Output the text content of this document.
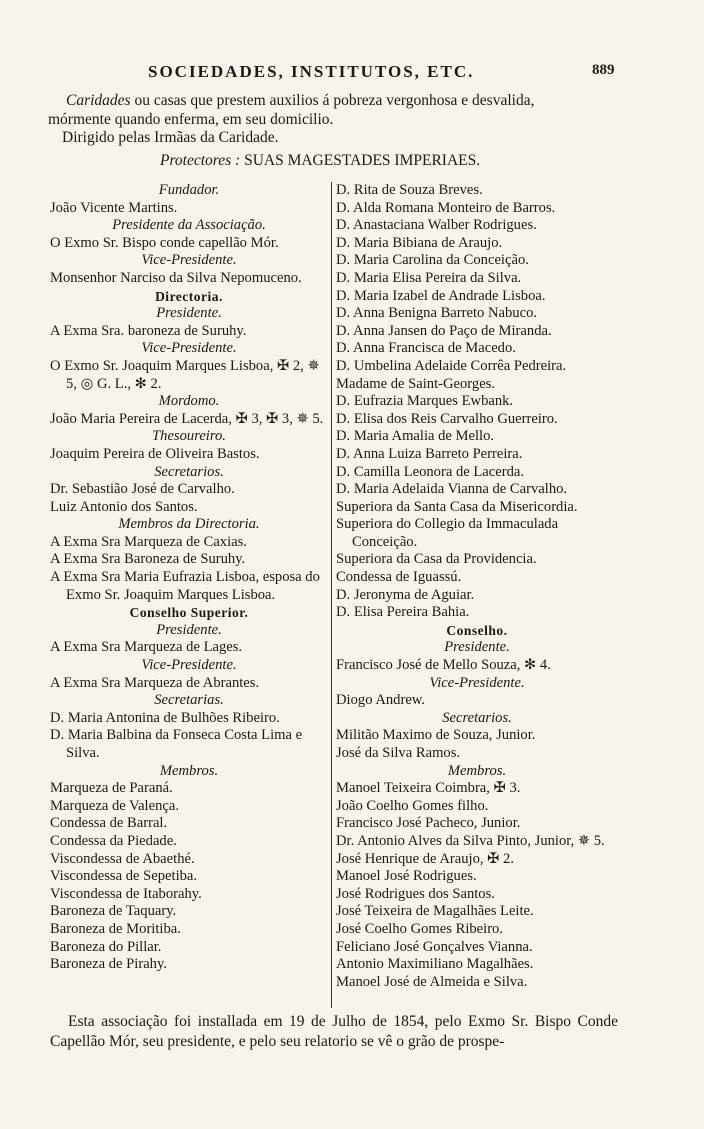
SOCIEDADES, INSTITUTOS, ETC.	889

Caridades ou casas que prestem auxilios á pobreza vergonhosa e desvalida,

mórmente quando enferma, em seu domicilio.

Dirigido pelas Irmãas da Caridade.

Protectores : SUAS MAGESTADES IMPERIAES.
Fundador.
João Vicente Martins.
Presidente da Associação.
O Exmo Sr. Bispo conde capellão Mór.
Vice-Presidente.
Monsenhor Narciso da Silva Nepomuceno.
Directoria.
Presidente.
A Exma Sra. baroneza de Suruhy.
Vice-Presidente.
O Exmo Sr. Joaquim Marques Lisboa, ✠ 2, ✵ 5, ◎ G. L., ✻ 2.
Mordomo.
João Maria Pereira de Lacerda, ✠ 3, ✠ 3, ✵ 5.
Thesoureiro.
Joaquim Pereira de Oliveira Bastos.
Secretarios.
Dr. Sebastião José de Carvalho.
Luiz Antonio dos Santos.
Membros da Directoria.
A Exma Sra Marqueza de Caxias.
A Exma Sra Baroneza de Suruhy.
A Exma Sra Maria Eufrazia Lisboa, esposa do Exmo Sr. Joaquim Marques Lisboa.
Conselho Superior.
Presidente.
A Exma Sra Marqueza de Lages.
Vice-Presidente.
A Exma Sra Marqueza de Abrantes.
Secretarias.
D. Maria Antonina de Bulhões Ribeiro.
D. Maria Balbina da Fonseca Costa Lima e Silva.
Membros.
Marqueza de Paraná.
Marqueza de Valença.
Condessa de Barral.
Condessa da Piedade.
Viscondessa de Abaethé.
Viscondessa de Sepetiba.
Viscondessa de Itaborahy.
Baroneza de Taquary.
Baroneza de Moritiba.
Baroneza do Pillar.
Baroneza de Pirahy.
D. Rita de Souza Breves.
D. Alda Romana Monteiro de Barros.
D. Anastaciana Walber Rodrigues.
D. Maria Bibiana de Araujo.
D. Maria Carolina da Conceição.
D. Maria Elisa Pereira da Silva.
D. Maria Izabel de Andrade Lisboa.
D. Anna Benigna Barreto Nabuco.
D. Anna Jansen do Paço de Miranda.
D. Anna Francisca de Macedo.
D. Umbelina Adelaide Corrêa Pedreira.
Madame de Saint-Georges.
D. Eufrazia Marques Ewbank.
D. Elisa dos Reis Carvalho Guerreiro.
D. Maria Amalia de Mello.
D. Anna Luiza Barreto Perreira.
D. Camilla Leonora de Lacerda.
D. Maria Adelaida Vianna de Carvalho.
Superiora da Santa Casa da Misericordia.
Superiora do Collegio da Immaculada Conceição.
Superiora da Casa da Providencia.
Condessa de Iguassú.
D. Jeronyma de Aguiar.
D. Elisa Pereira Bahia.
Conselho.
Presidente.
Francisco José de Mello Souza, ✻ 4.
Vice-Presidente.
Diogo Andrew.
Secretarios.
Militão Maximo de Souza, Junior.
José da Silva Ramos.
Membros.
Manoel Teixeira Coimbra, ✠ 3.
João Coelho Gomes filho.
Francisco José Pacheco, Junior.
Dr. Antonio Alves da Silva Pinto, Junior, ✵ 5.
José Henrique de Araujo, ✠ 2.
Manoel José Rodrigues.
José Rodrigues dos Santos.
José Teixeira de Magalhães Leite.
José Coelho Gomes Ribeiro.
Feliciano José Gonçalves Vianna.
Antonio Maximiliano Magalhães.
Manoel José de Almeida e Silva.

Esta associação foi installada em 19 de Julho de 1854, pelo Exmo Sr. Bispo Conde Capellão Mór, seu presidente, e pelo seu relatorio se vê o grão de prospe-
